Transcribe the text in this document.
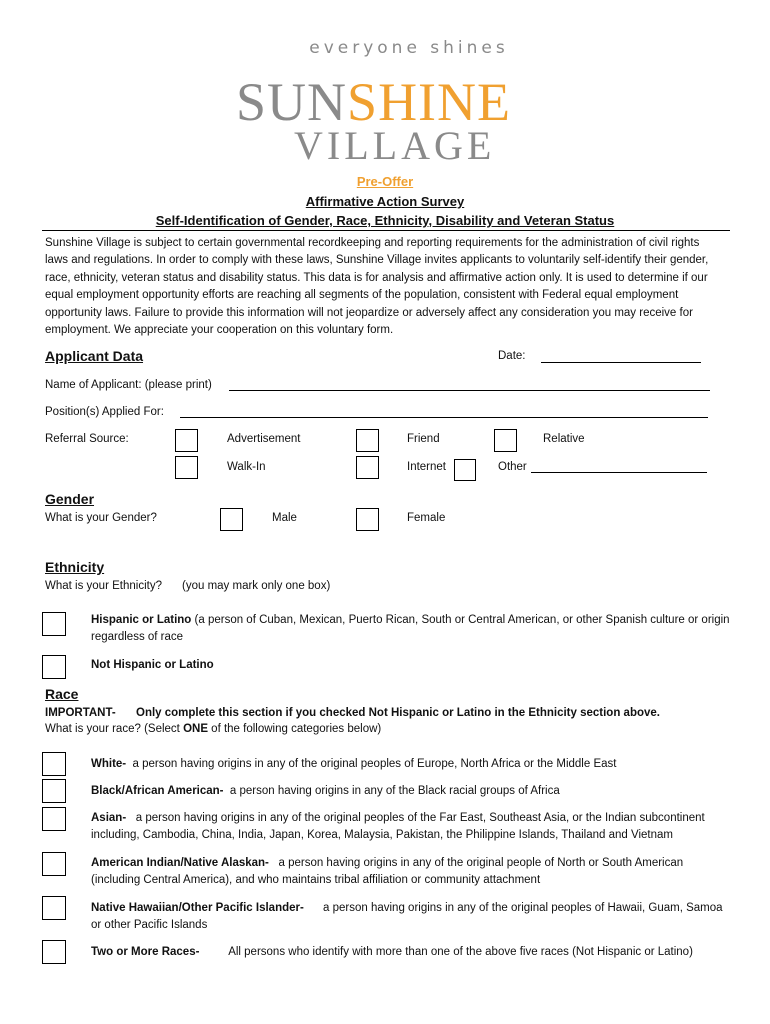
everyone shines
SUNSHINE
VILLAGE
Pre-Offer
Affirmative Action Survey
Self-Identification of Gender, Race, Ethnicity, Disability and Veteran Status
Sunshine Village is subject to certain governmental recordkeeping and reporting requirements for the administration of civil rights laws and regulations. In order to comply with these laws, Sunshine Village invites applicants to voluntarily self-identify their gender, race, ethnicity, veteran status and disability status. This data is for analysis and affirmative action only. It is used to determine if our equal employment opportunity efforts are reaching all segments of the population, consistent with Federal equal employment opportunity laws. Failure to provide this information will not jeopardize or adversely affect any consideration you may receive for employment. We appreciate your cooperation on this voluntary form.
Applicant Data	Date:
Name of Applicant: (please print)
Position(s) Applied For:
Referral Source:	Advertisement	Friend	Relative
Walk-In	Internet	Other
Gender
What is your Gender?	Male	Female
Ethnicity
What is your Ethnicity? (you may mark only one box)
Hispanic or Latino (a person of Cuban, Mexican, Puerto Rican, South or Central American, or other Spanish culture or origin regardless of race
Not Hispanic or Latino
Race
IMPORTANT- Only complete this section if you checked Not Hispanic or Latino in the Ethnicity section above.
What is your race? (Select ONE of the following categories below)
White- a person having origins in any of the original peoples of Europe, North Africa or the Middle East
Black/African American- a person having origins in any of the Black racial groups of Africa
Asian- a person having origins in any of the original peoples of the Far East, Southeast Asia, or the Indian subcontinent including, Cambodia, China, India, Japan, Korea, Malaysia, Pakistan, the Philippine Islands, Thailand and Vietnam
American Indian/Native Alaskan- a person having origins in any of the original people of North or South American (including Central America), and who maintains tribal affiliation or community attachment
Native Hawaiian/Other Pacific Islander- a person having origins in any of the original peoples of Hawaii, Guam, Samoa or other Pacific Islands
Two or More Races-	All persons who identify with more than one of the above five races (Not Hispanic or Latino)
